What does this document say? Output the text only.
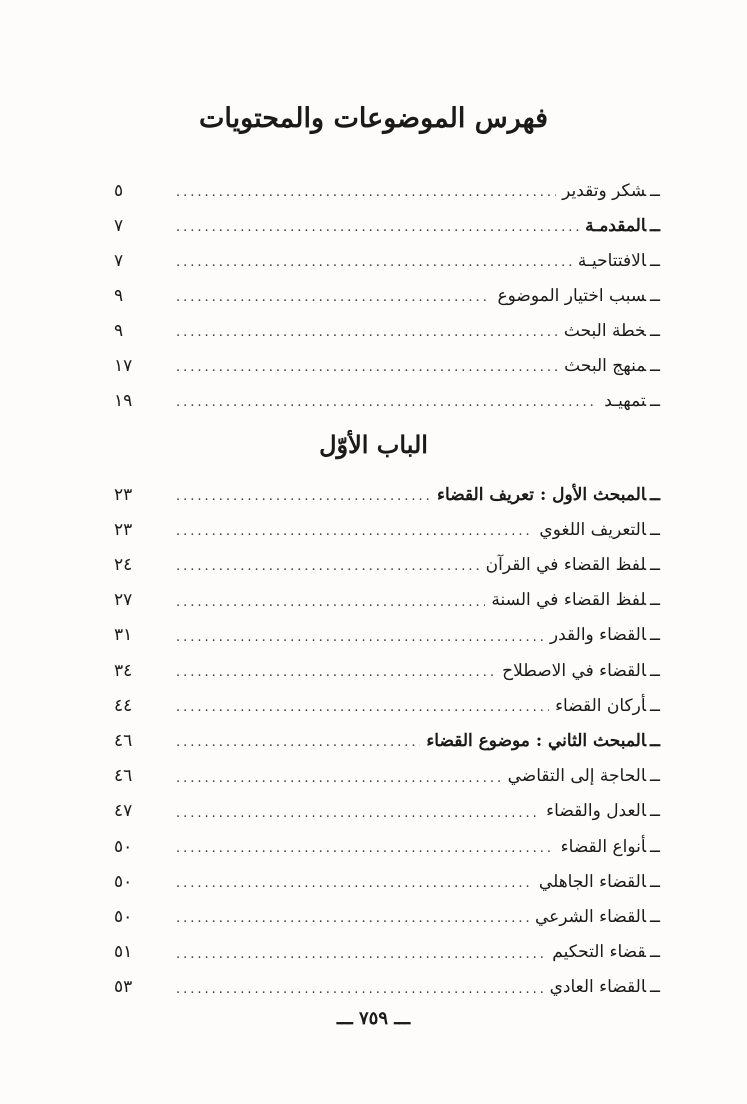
فهرس الموضوعات والمحتويات
ــشكر وتقدير
.....
٥
ــالمقدمـة
.....
٧
ــالافتتاحيـة
.....
٧
ــسبب اختيار الموضوع
.....
٩
ــخطة البحث
.....
٩
ــمنهج البحث
.....
١٧
ــتمهيـد
.....
١٩
الباب الأوّل
ــالمبحث الأول : تعريف القضاء
.....
٢٣
ــالتعريف اللغوي
.....
٢٣
ــلفظ القضاء في القرآن
.....
٢٤
ــلفظ القضاء في السنة
.....
٢٧
ــالقضاء والقدر
.....
٣١
ــالقضاء في الاصطلاح
.....
٣٤
ــأركان القضاء
.....
٤٤
ــالمبحث الثاني : موضوع القضاء
.....
٤٦
ــالحاجة إلى التقاضي
.....
٤٦
ــالعدل والقضاء
.....
٤٧
ــأنواع القضاء
.....
٥٠
ــالقضاء الجاهلي
.....
٥٠
ــالقضاء الشرعي
.....
٥٠
ــقضاء التحكيم
.....
٥١
ــالقضاء العادي
.....
٥٣
ـــ ٧٥٩ ـــ
